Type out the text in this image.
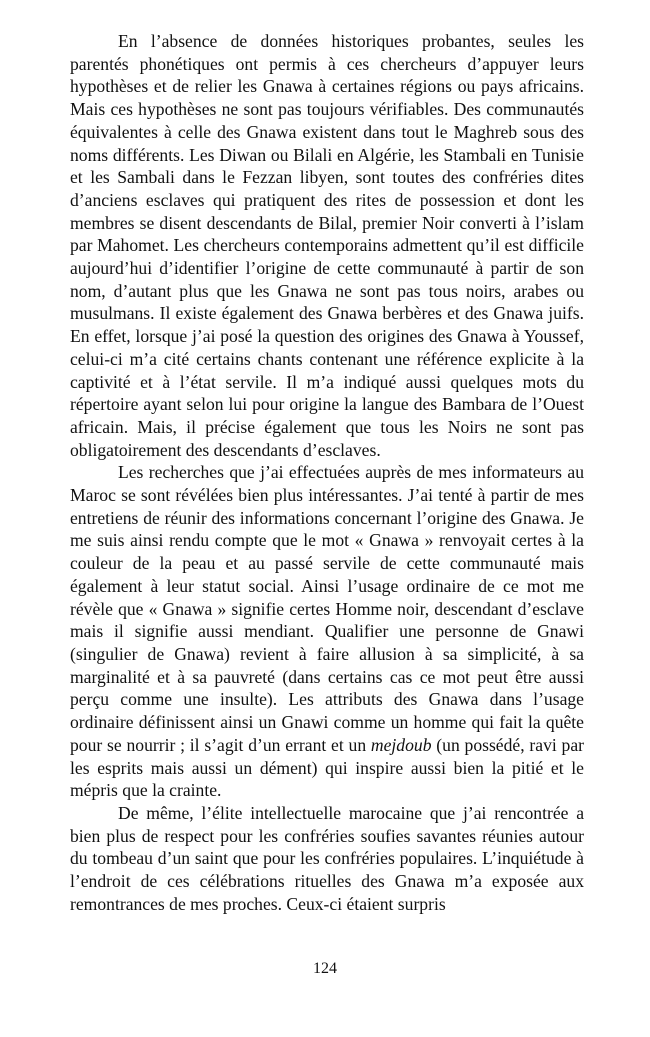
En l’absence de données historiques probantes, seules les parentés phonétiques ont permis à ces chercheurs d’appuyer leurs hypothèses et de relier les Gnawa à certaines régions ou pays africains. Mais ces hypothèses ne sont pas toujours vérifiables. Des communautés équivalentes à celle des Gnawa existent dans tout le Maghreb sous des noms différents. Les Diwan ou Bilali en Algérie, les Stambali en Tunisie et les Sambali dans le Fezzan libyen, sont toutes des confréries dites d’anciens esclaves qui pratiquent des rites de possession et dont les membres se disent descendants de Bilal, premier Noir converti à l’islam par Mahomet. Les chercheurs contemporains admettent qu’il est difficile aujourd’hui d’identifier l’origine de cette communauté à partir de son nom, d’autant plus que les Gnawa ne sont pas tous noirs, arabes ou musulmans. Il existe également des Gnawa berbères et des Gnawa juifs. En effet, lorsque j’ai posé la question des origines des Gnawa à Youssef, celui-ci m’a cité certains chants contenant une référence explicite à la captivité et à l’état servile. Il m’a indiqué aussi quelques mots du répertoire ayant selon lui pour origine la langue des Bambara de l’Ouest africain. Mais, il précise également que tous les Noirs ne sont pas obligatoirement des descendants d’esclaves.

Les recherches que j’ai effectuées auprès de mes informateurs au Maroc se sont révélées bien plus intéressantes. J’ai tenté à partir de mes entretiens de réunir des informations concernant l’origine des Gnawa. Je me suis ainsi rendu compte que le mot « Gnawa » renvoyait certes à la couleur de la peau et au passé servile de cette communauté mais également à leur statut social. Ainsi l’usage ordinaire de ce mot me révèle que « Gnawa » signifie certes Homme noir, descendant d’esclave mais il signifie aussi mendiant. Qualifier une personne de Gnawi (singulier de Gnawa) revient à faire allusion à sa simplicité, à sa marginalité et à sa pauvreté (dans certains cas ce mot peut être aussi perçu comme une insulte). Les attributs des Gnawa dans l’usage ordinaire définissent ainsi un Gnawi comme un homme qui fait la quête pour se nourrir ; il s’agit d’un errant et un mejdoub (un possédé, ravi par les esprits mais aussi un dément) qui inspire aussi bien la pitié et le mépris que la crainte.

De même, l’élite intellectuelle marocaine que j’ai rencontrée a bien plus de respect pour les confréries soufies savantes réunies autour du tombeau d’un saint que pour les confréries populaires. L’inquiétude à l’endroit de ces célébrations rituelles des Gnawa m’a exposée aux remontrances de mes proches. Ceux-ci étaient surpris

124
